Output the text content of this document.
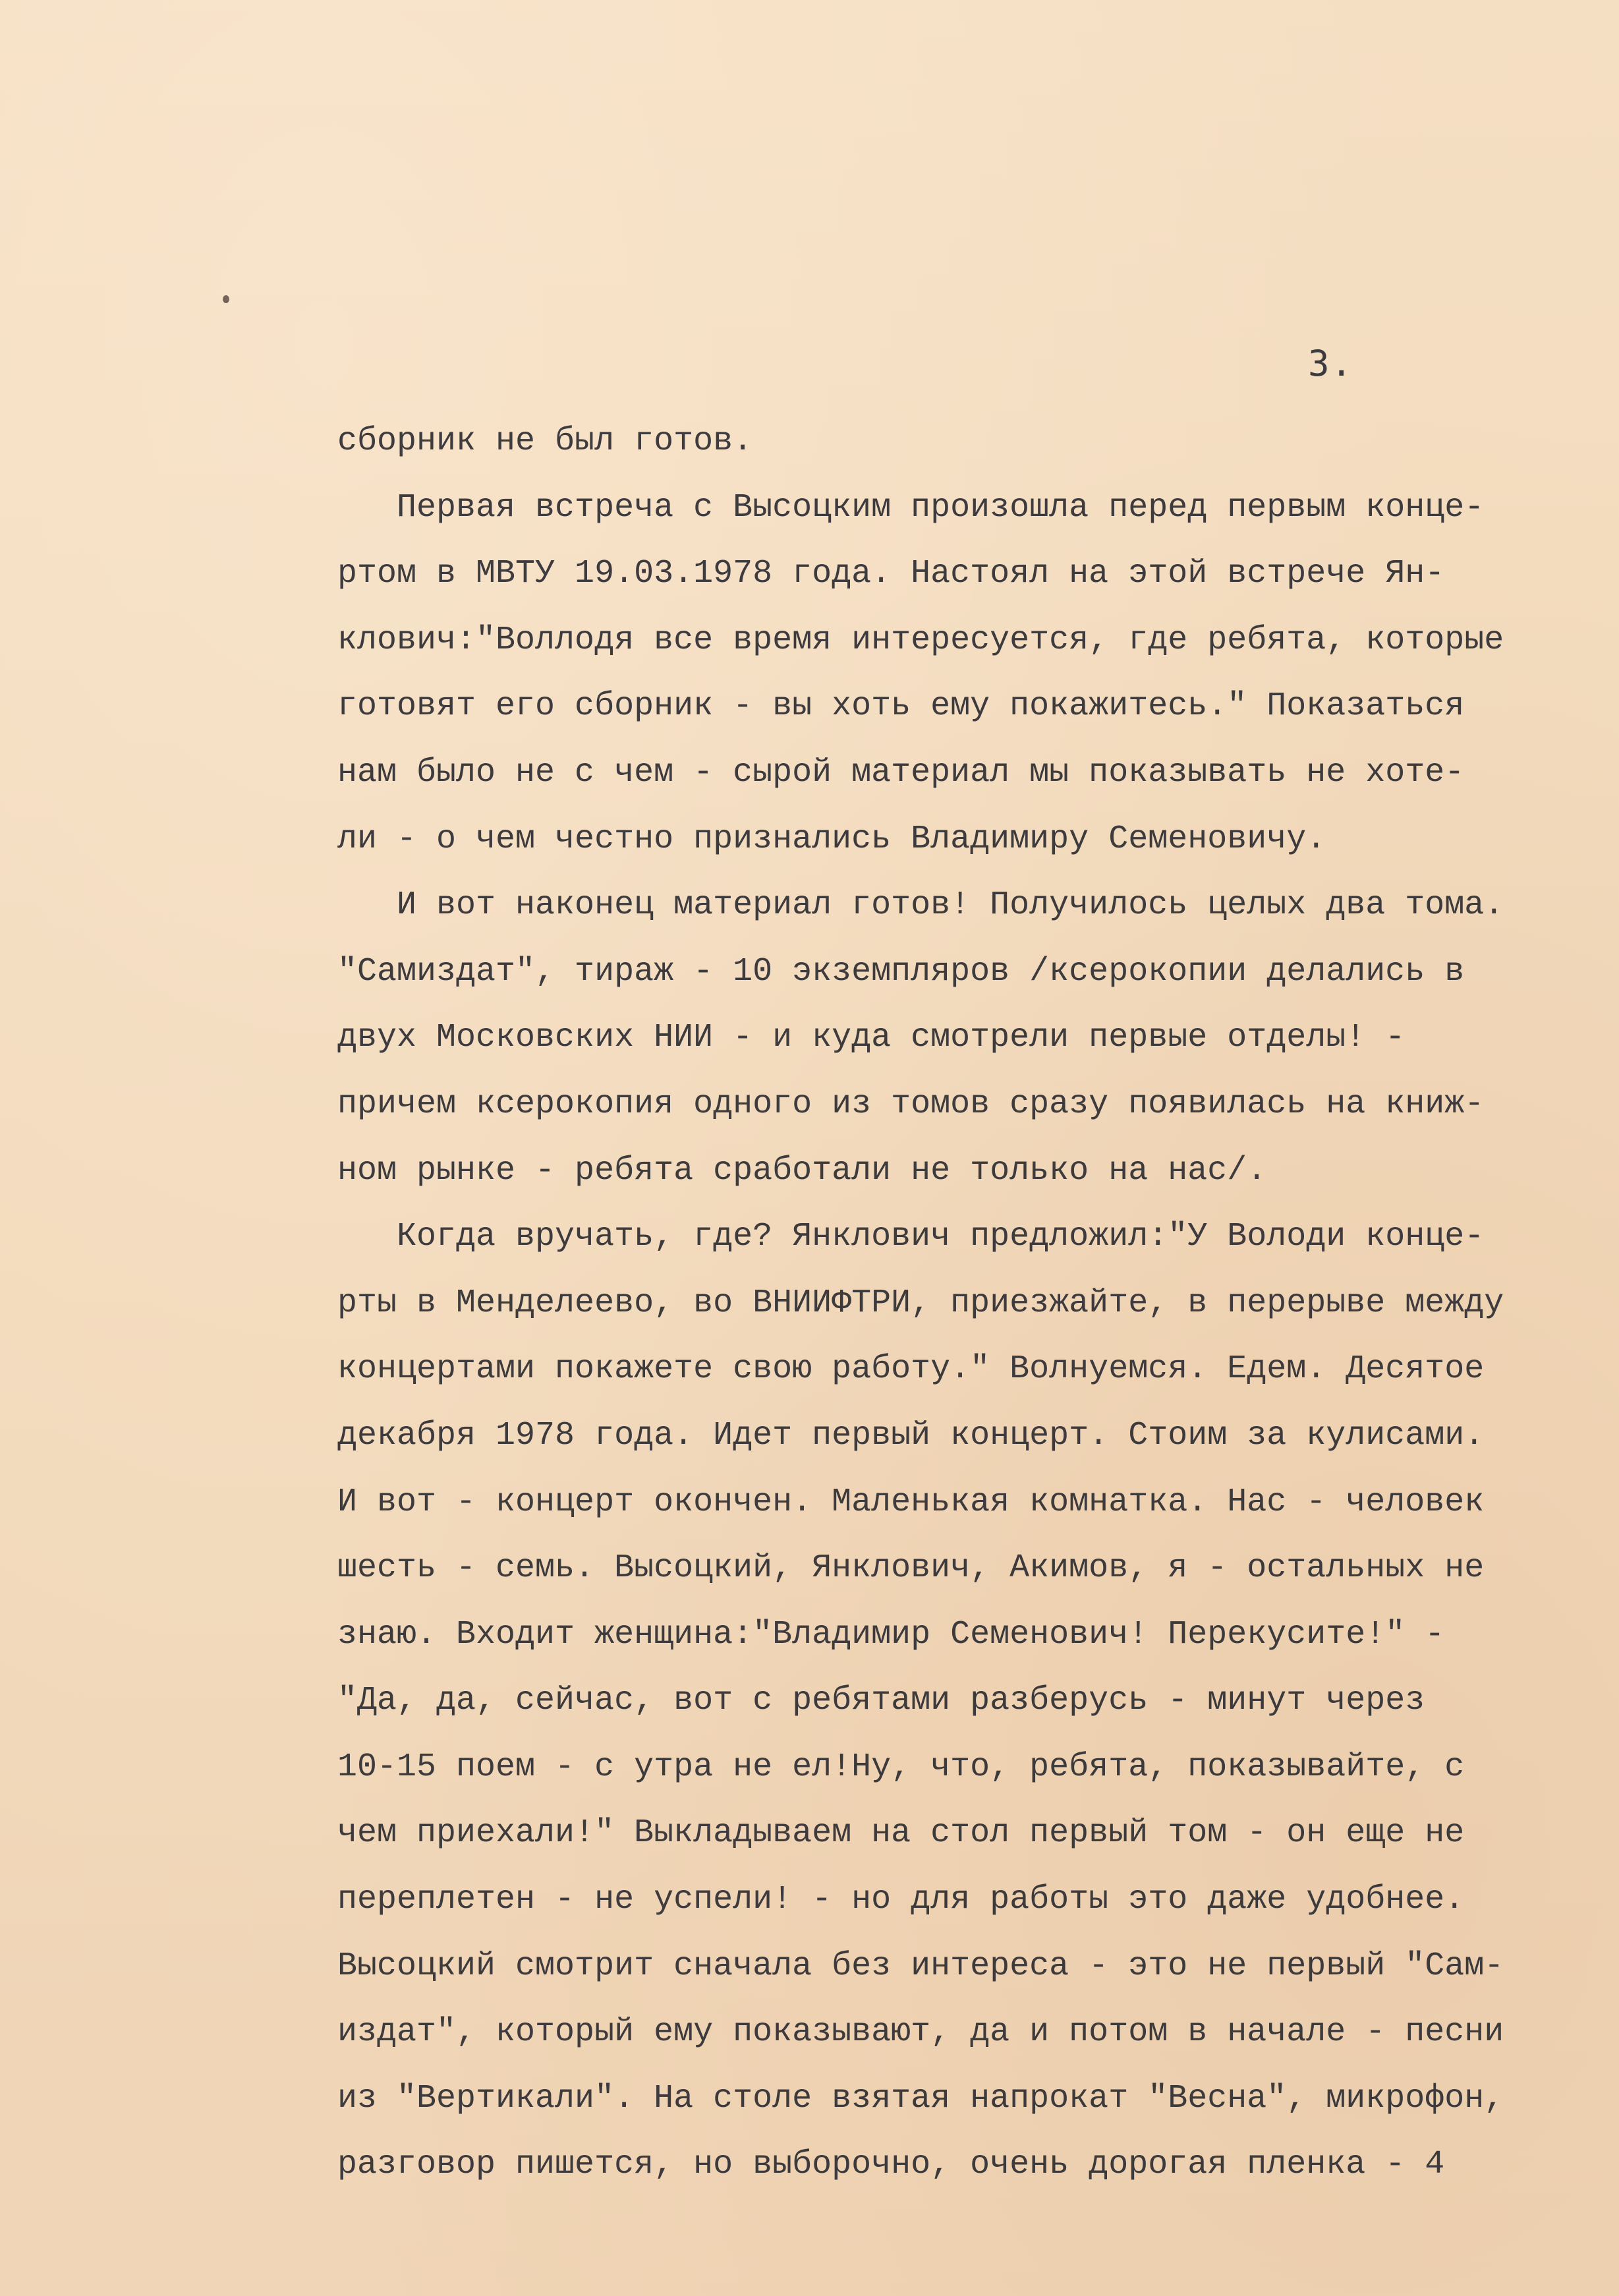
3.
сборник не был готов.
Первая встреча с Высоцким произошла перед первым конце-
ртом в МВТУ 19.03.1978 года. Настоял на этой встрече Ян-
клович:"Воллодя все время интересуется, где ребята, которые
готовят его сборник - вы хоть ему покажитесь." Показаться
нам было не с чем - сырой материал мы показывать не хоте-
ли - о чем честно признались Владимиру Семеновичу.
И вот наконец материал готов! Получилось целых два тома.
"Самиздат", тираж - 10 экземпляров /ксерокопии делались в
двух Московских НИИ - и куда смотрели первые отделы! -
причем ксерокопия одного из томов сразу появилась на книж-
ном рынке - ребята сработали не только на нас/.
Когда вручать, где? Янклович предложил:"У Володи конце-
рты в Менделеево, во ВНИИФТРИ, приезжайте, в перерыве между
концертами покажете свою работу." Волнуемся. Едем. Десятое
декабря 1978 года. Идет первый концерт. Стоим за кулисами.
И вот - концерт окончен. Маленькая комнатка. Нас - человек
шесть - семь. Высоцкий, Янклович, Акимов, я - остальных не
знаю. Входит женщина:"Владимир Семенович! Перекусите!" -
"Да, да, сейчас, вот с ребятами разберусь - минут через
10-15 поем - с утра не ел!Ну, что, ребята, показывайте, с
чем приехали!" Выкладываем на стол первый том - он еще не
переплетен - не успели! - но для работы это даже удобнее.
Высоцкий смотрит сначала без интереса - это не первый "Сам-
издат", который ему показывают, да и потом в начале - песни
из "Вертикали". На столе взятая напрокат "Весна", микрофон,
разговор пишется, но выборочно, очень дорогая пленка - 4
